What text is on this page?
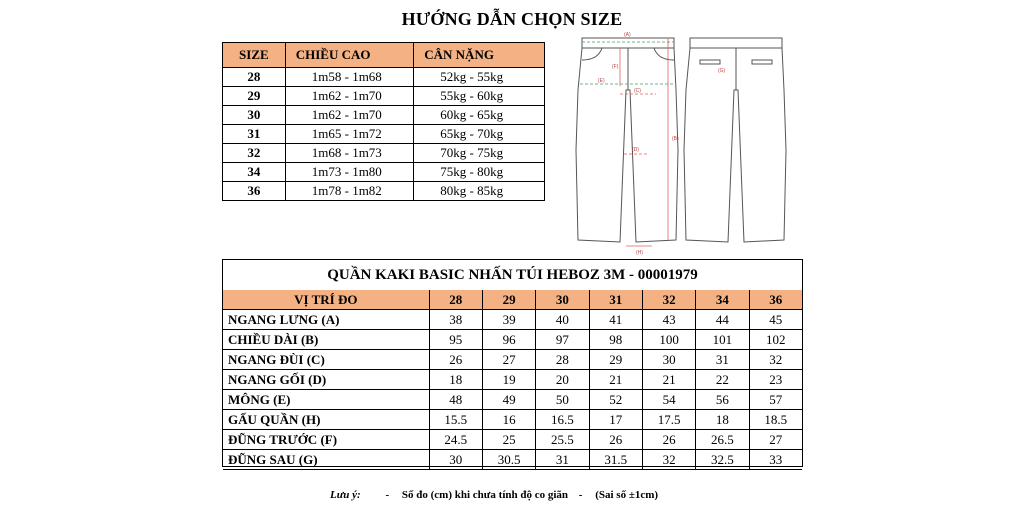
HƯỚNG DẪN CHỌN SIZE
SIZE	CHIỀU CAO	CÂN NẶNG
28	1m58 - 1m68	52kg - 55kg
29	1m62 - 1m70	55kg - 60kg
30	1m62 - 1m70	60kg - 65kg
31	1m65 - 1m72	65kg - 70kg
32	1m68 - 1m73	70kg - 75kg
34	1m73 - 1m80	75kg - 80kg
36	1m78 - 1m82	80kg - 85kg
(A)
(B)
(C)
(D)
(E)
(F)
(H)
(G)
QUẦN KAKI BASIC NHẤN TÚI HEBOZ 3M - 00001979
VỊ TRÍ ĐO	28	29	30	31	32	34	36
NGANG LƯNG (A)	38	39	40	41	43	44	45
CHIỀU DÀI (B)	95	96	97	98	100	101	102
NGANG ĐÙI (C)	26	27	28	29	30	31	32
NGANG GỐI (D)	18	19	20	21	21	22	23
MÔNG (E)	48	49	50	52	54	56	57
GẤU QUẦN (H)	15.5	16	16.5	17	17.5	18	18.5
ĐŨNG TRƯỚC (F)	24.5	25	25.5	26	26	26.5	27
ĐŨNG SAU (G)	30	30.5	31	31.5	32	32.5	33
Lưu ý: - Số đo (cm) khi chưa tính độ co giãn - (Sai số ±1cm)
